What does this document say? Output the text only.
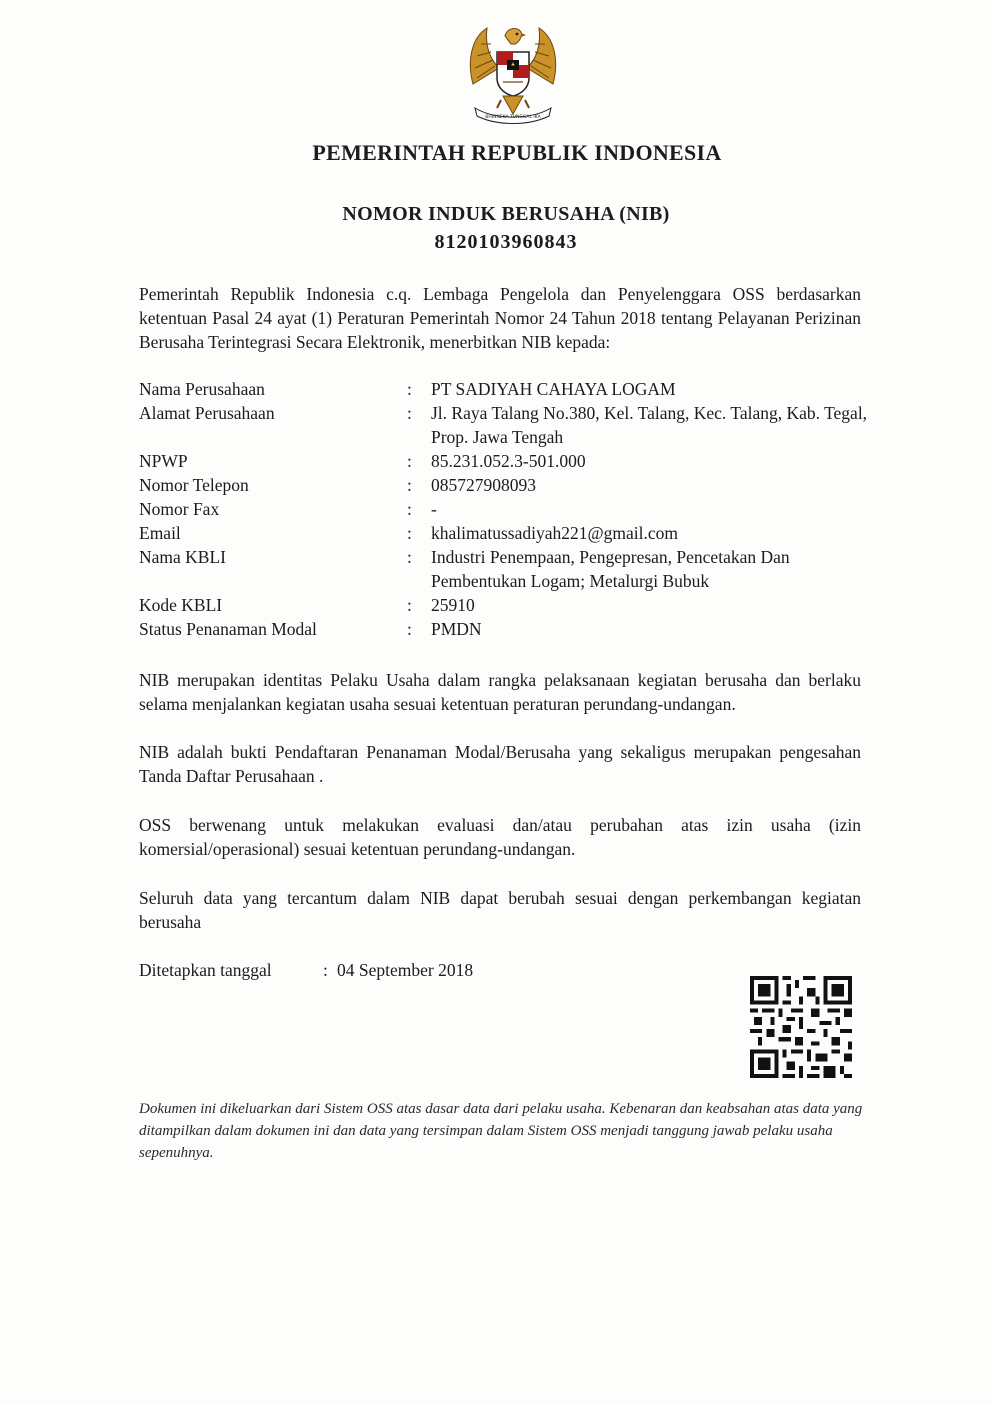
BHINNEKA TUNGGAL IKA
PEMERINTAH REPUBLIK INDONESIA
NOMOR INDUK BERUSAHA (NIB)
8120103960843
Pemerintah Republik Indonesia c.q. Lembaga Pengelola dan Penyelenggara OSS berdasarkan ketentuan Pasal 24 ayat (1) Peraturan Pemerintah Nomor 24 Tahun 2018 tentang Pelayanan Perizinan Berusaha Terintegrasi Secara Elektronik, menerbitkan NIB kepada:
Nama Perusahaan	:	PT SADIYAH CAHAYA LOGAM
Alamat Perusahaan	:	Jl. Raya Talang No.380, Kel. Talang, Kec. Talang, Kab. Tegal, Prop. Jawa Tengah
NPWP	:	85.231.052.3-501.000
Nomor Telepon	:	085727908093
Nomor Fax	:	-
Email	:	khalimatussadiyah221@gmail.com
Nama KBLI	:	Industri Penempaan, Pengepresan, Pencetakan Dan Pembentukan Logam; Metalurgi Bubuk
Kode KBLI	:	25910
Status Penanaman Modal	:	PMDN
NIB merupakan identitas Pelaku Usaha dalam rangka pelaksanaan kegiatan berusaha dan berlaku selama menjalankan kegiatan usaha sesuai ketentuan peraturan perundang-undangan.
NIB adalah bukti Pendaftaran Penanaman Modal/Berusaha yang sekaligus merupakan pengesahan Tanda Daftar Perusahaan .
OSS berwenang untuk melakukan evaluasi dan/atau perubahan atas izin usaha (izin komersial/operasional) sesuai ketentuan perundang-undangan.
Seluruh data yang tercantum dalam NIB dapat berubah sesuai dengan perkembangan kegiatan berusaha
Ditetapkan tanggal	: 04 September 2018
Dokumen ini dikeluarkan dari Sistem OSS atas dasar data dari pelaku usaha. Kebenaran dan keabsahan atas data yang ditampilkan dalam dokumen ini dan data yang tersimpan dalam Sistem OSS menjadi tanggung jawab pelaku usaha sepenuhnya.
